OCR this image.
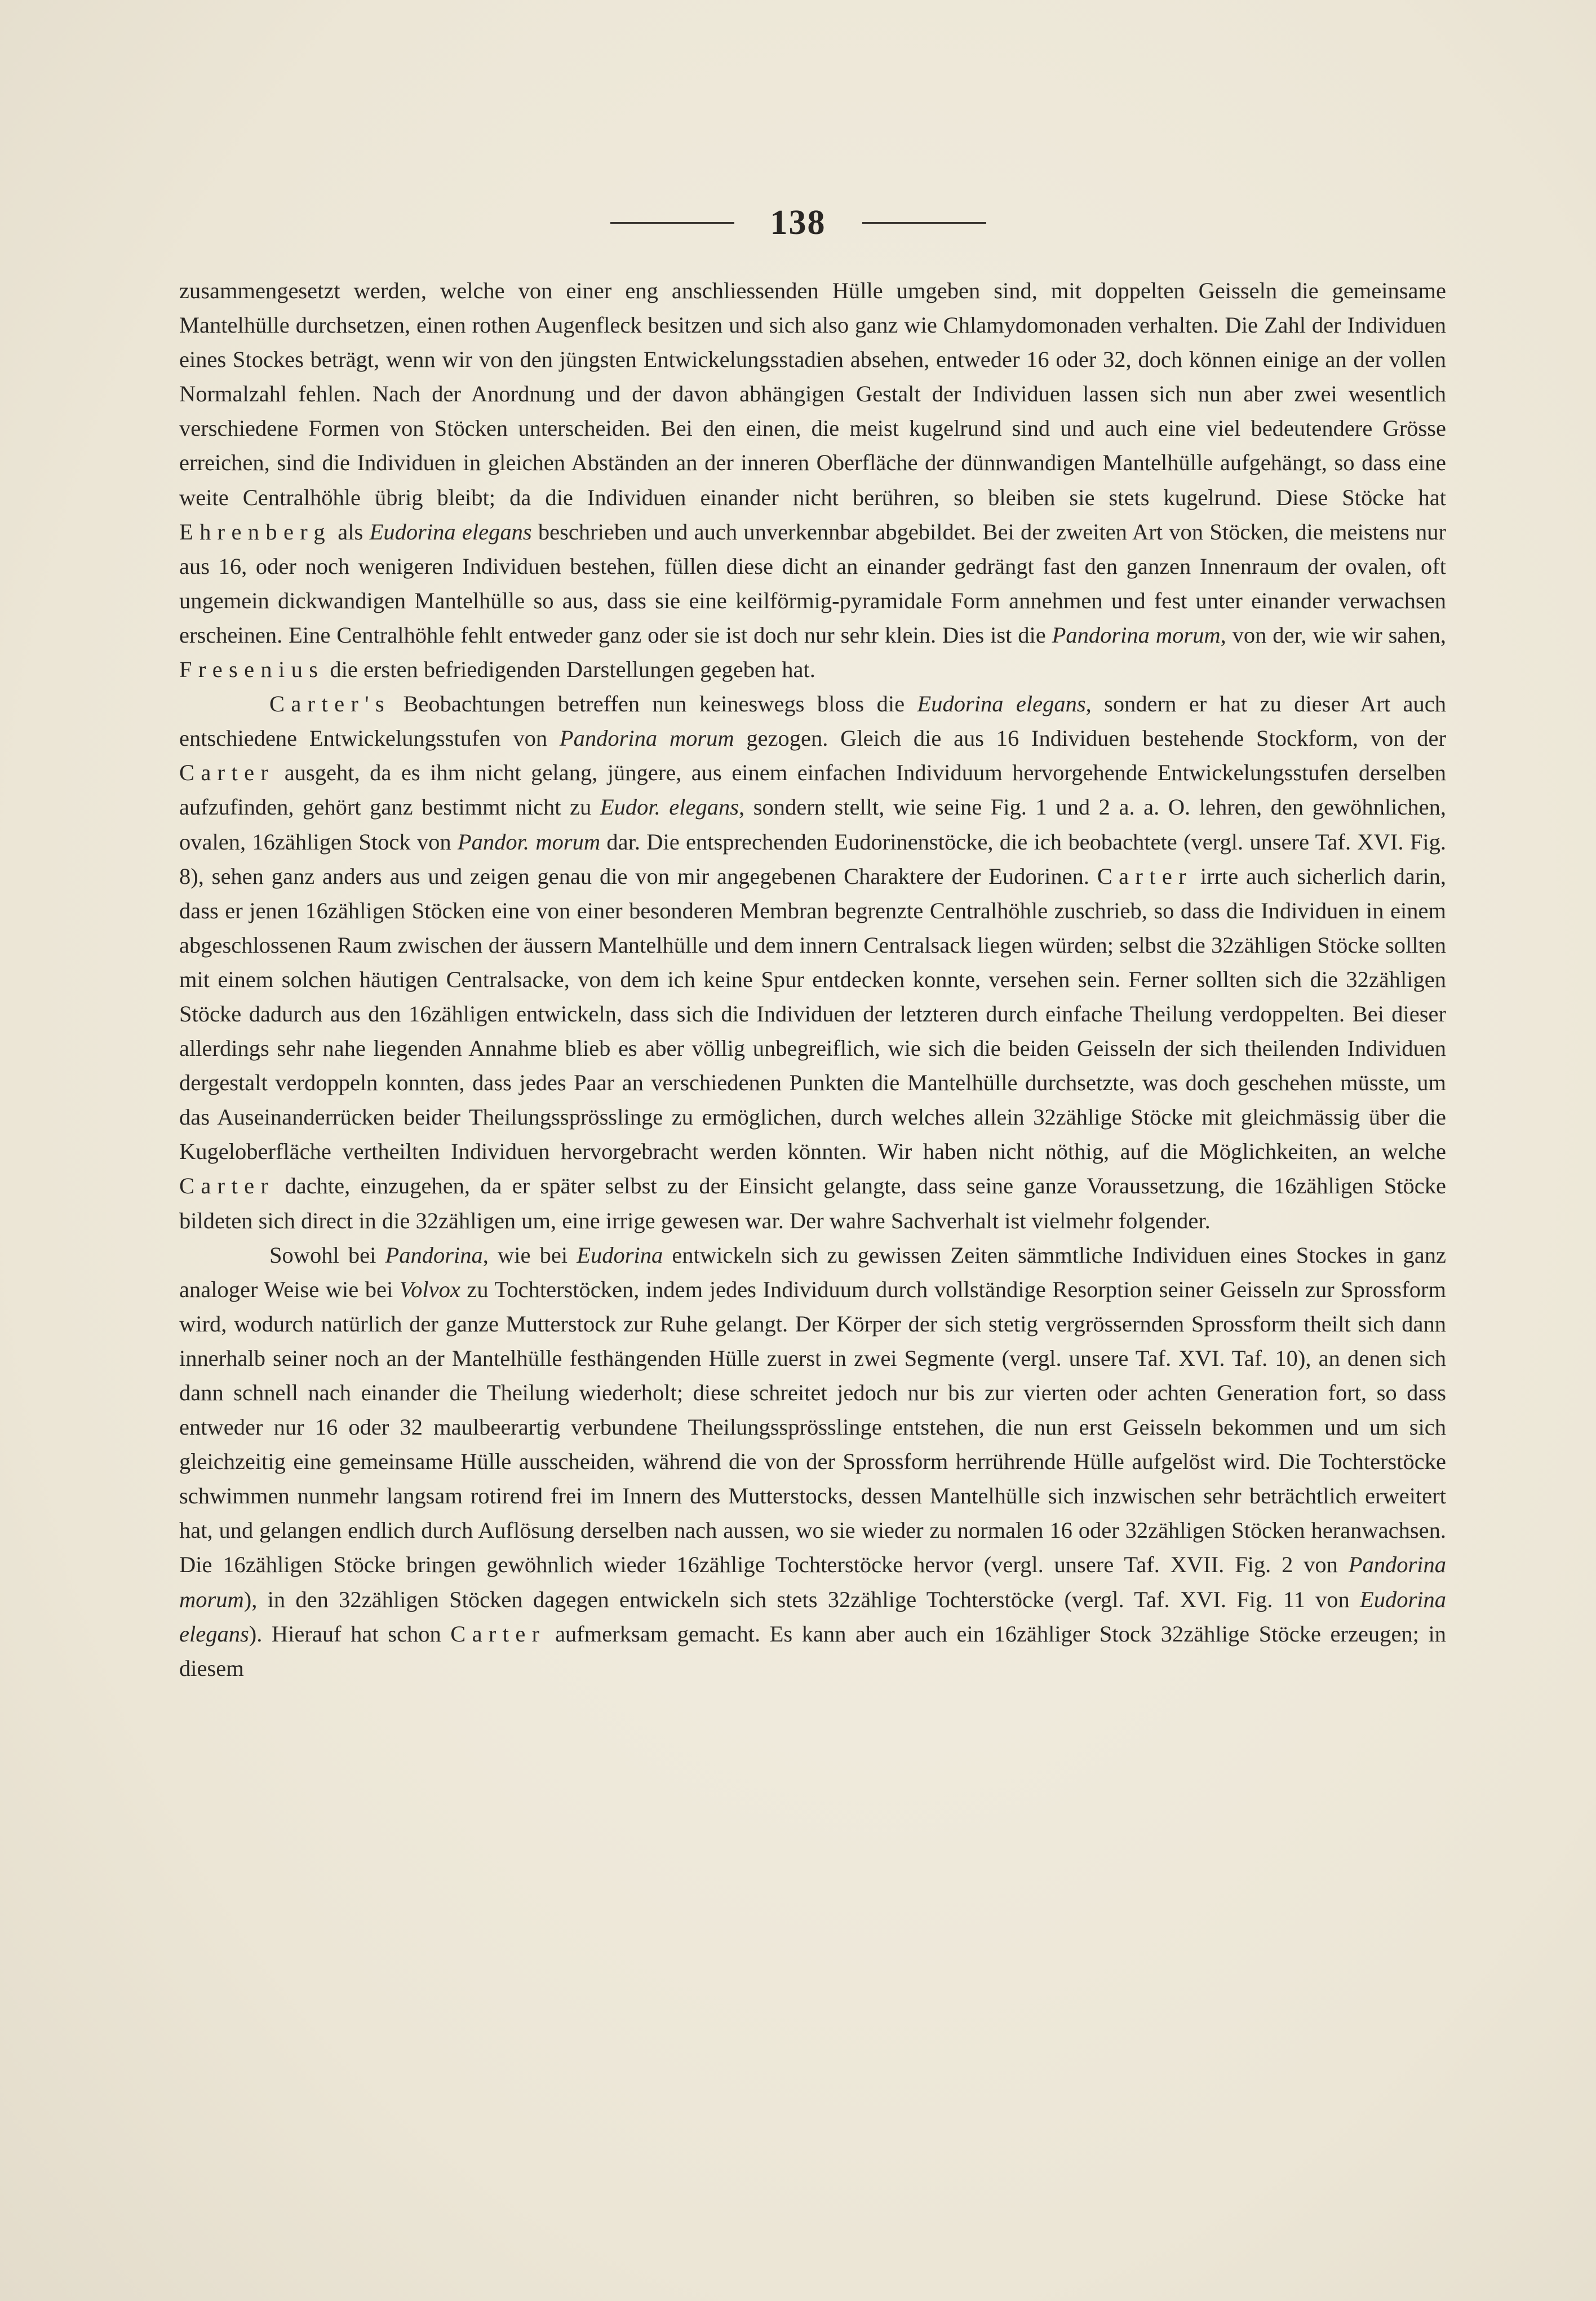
138

zusammengesetzt werden, welche von einer eng anschliessenden Hülle umgeben sind, mit doppelten Geisseln die gemeinsame Mantelhülle durchsetzen, einen rothen Augenfleck besitzen und sich also ganz wie Chlamydomonaden verhalten. Die Zahl der Individuen eines Stockes beträgt, wenn wir von den jüngsten Entwickelungsstadien absehen, entweder 16 oder 32, doch können einige an der vollen Normalzahl fehlen. Nach der Anordnung und der davon abhängigen Gestalt der Individuen lassen sich nun aber zwei wesentlich verschiedene Formen von Stöcken unterscheiden. Bei den einen, die meist kugelrund sind und auch eine viel bedeutendere Grösse erreichen, sind die Individuen in gleichen Abständen an der inneren Oberfläche der dünnwandigen Mantelhülle aufgehängt, so dass eine weite Centralhöhle übrig bleibt; da die Individuen einander nicht berühren, so bleiben sie stets kugelrund. Diese Stöcke hat Ehrenberg als Eudorina elegans beschrieben und auch unverkennbar abgebildet. Bei der zweiten Art von Stöcken, die meistens nur aus 16, oder noch wenigeren Individuen bestehen, füllen diese dicht an einander gedrängt fast den ganzen Innenraum der ovalen, oft ungemein dickwandigen Mantelhülle so aus, dass sie eine keilförmig-pyramidale Form annehmen und fest unter einander verwachsen erscheinen. Eine Centralhöhle fehlt entweder ganz oder sie ist doch nur sehr klein. Dies ist die Pandorina morum, von der, wie wir sahen, Fresenius die ersten befriedigenden Darstellungen gegeben hat.

Carter's Beobachtungen betreffen nun keineswegs bloss die Eudorina elegans, sondern er hat zu dieser Art auch entschiedene Entwickelungsstufen von Pandorina morum gezogen. Gleich die aus 16 Individuen bestehende Stockform, von der Carter ausgeht, da es ihm nicht gelang, jüngere, aus einem einfachen Individuum hervorgehende Entwickelungsstufen derselben aufzufinden, gehört ganz bestimmt nicht zu Eudor. elegans, sondern stellt, wie seine Fig. 1 und 2 a. a. O. lehren, den gewöhnlichen, ovalen, 16zähligen Stock von Pandor. morum dar. Die entsprechenden Eudorinenstöcke, die ich beobachtete (vergl. unsere Taf. XVI. Fig. 8), sehen ganz anders aus und zeigen genau die von mir angegebenen Charaktere der Eudorinen. Carter irrte auch sicherlich darin, dass er jenen 16zähligen Stöcken eine von einer besonderen Membran begrenzte Centralhöhle zuschrieb, so dass die Individuen in einem abgeschlossenen Raum zwischen der äussern Mantelhülle und dem innern Centralsack liegen würden; selbst die 32zähligen Stöcke sollten mit einem solchen häutigen Centralsacke, von dem ich keine Spur entdecken konnte, versehen sein. Ferner sollten sich die 32zähligen Stöcke dadurch aus den 16zähligen entwickeln, dass sich die Individuen der letzteren durch einfache Theilung verdoppelten. Bei dieser allerdings sehr nahe liegenden Annahme blieb es aber völlig unbegreiflich, wie sich die beiden Geisseln der sich theilenden Individuen dergestalt verdoppeln konnten, dass jedes Paar an verschiedenen Punkten die Mantelhülle durchsetzte, was doch geschehen müsste, um das Auseinanderrücken beider Theilungssprösslinge zu ermöglichen, durch welches allein 32zählige Stöcke mit gleichmässig über die Kugeloberfläche vertheilten Individuen hervorgebracht werden könnten. Wir haben nicht nöthig, auf die Möglichkeiten, an welche Carter dachte, einzugehen, da er später selbst zu der Einsicht gelangte, dass seine ganze Voraussetzung, die 16zähligen Stöcke bildeten sich direct in die 32zähligen um, eine irrige gewesen war. Der wahre Sachverhalt ist vielmehr folgender.

Sowohl bei Pandorina, wie bei Eudorina entwickeln sich zu gewissen Zeiten sämmtliche Individuen eines Stockes in ganz analoger Weise wie bei Volvox zu Tochterstöcken, indem jedes Individuum durch vollständige Resorption seiner Geisseln zur Sprossform wird, wodurch natürlich der ganze Mutterstock zur Ruhe gelangt. Der Körper der sich stetig vergrössernden Sprossform theilt sich dann innerhalb seiner noch an der Mantelhülle festhängenden Hülle zuerst in zwei Segmente (vergl. unsere Taf. XVI. Taf. 10), an denen sich dann schnell nach einander die Theilung wiederholt; diese schreitet jedoch nur bis zur vierten oder achten Generation fort, so dass entweder nur 16 oder 32 maulbeerartig verbundene Theilungssprösslinge entstehen, die nun erst Geisseln bekommen und um sich gleichzeitig eine gemeinsame Hülle ausscheiden, während die von der Sprossform herrührende Hülle aufgelöst wird. Die Tochterstöcke schwimmen nunmehr langsam rotirend frei im Innern des Mutterstocks, dessen Mantelhülle sich inzwischen sehr beträchtlich erweitert hat, und gelangen endlich durch Auflösung derselben nach aussen, wo sie wieder zu normalen 16 oder 32zähligen Stöcken heranwachsen. Die 16zähligen Stöcke bringen gewöhnlich wieder 16zählige Tochterstöcke hervor (vergl. unsere Taf. XVII. Fig. 2 von Pandorina morum), in den 32zähligen Stöcken dagegen entwickeln sich stets 32zählige Tochterstöcke (vergl. Taf. XVI. Fig. 11 von Eudorina elegans). Hierauf hat schon Carter aufmerksam gemacht. Es kann aber auch ein 16zähliger Stock 32zählige Stöcke erzeugen; in diesem
